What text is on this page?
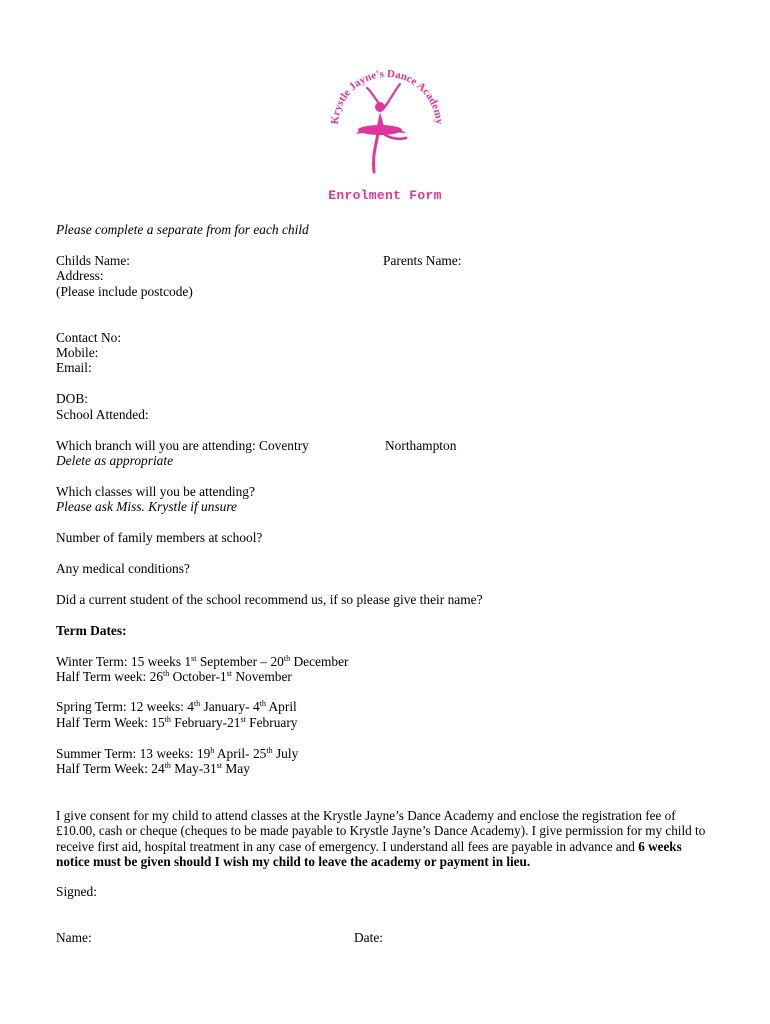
Krystle Jayne's Dance Academy
Enrolment Form
Please complete a separate from for each child
Childs Name:	Parents Name:
Address:
(Please include postcode)
Contact No:
Mobile:
Email:
DOB:
School Attended:
Which branch will you are attending: Coventry	Northampton
Delete as appropriate
Which classes will you be attending?
Please ask Miss. Krystle if unsure
Number of family members at school?
Any medical conditions?
Did a current student of the school recommend us, if so please give their name?
Term Dates:
Winter Term: 15 weeks 1st September – 20th December
Half Term week: 26th October-1st November
Spring Term: 12 weeks: 4th January- 4th April
Half Term Week: 15th February-21st February
Summer Term: 13 weeks: 19$^h$ April- 25th July
Half Term Week: 24th May-31st May
I give consent for my child to attend classes at the Krystle Jayne’s Dance Academy and enclose the registration fee of £10.00, cash or cheque (cheques to be made payable to Krystle Jayne’s Dance Academy). I give permission for my child to receive first aid, hospital treatment in any case of emergency. I understand all fees are payable in advance and 6 weeks notice must be given should I wish my child to leave the academy or payment in lieu.
Signed:
Name:	Date:
